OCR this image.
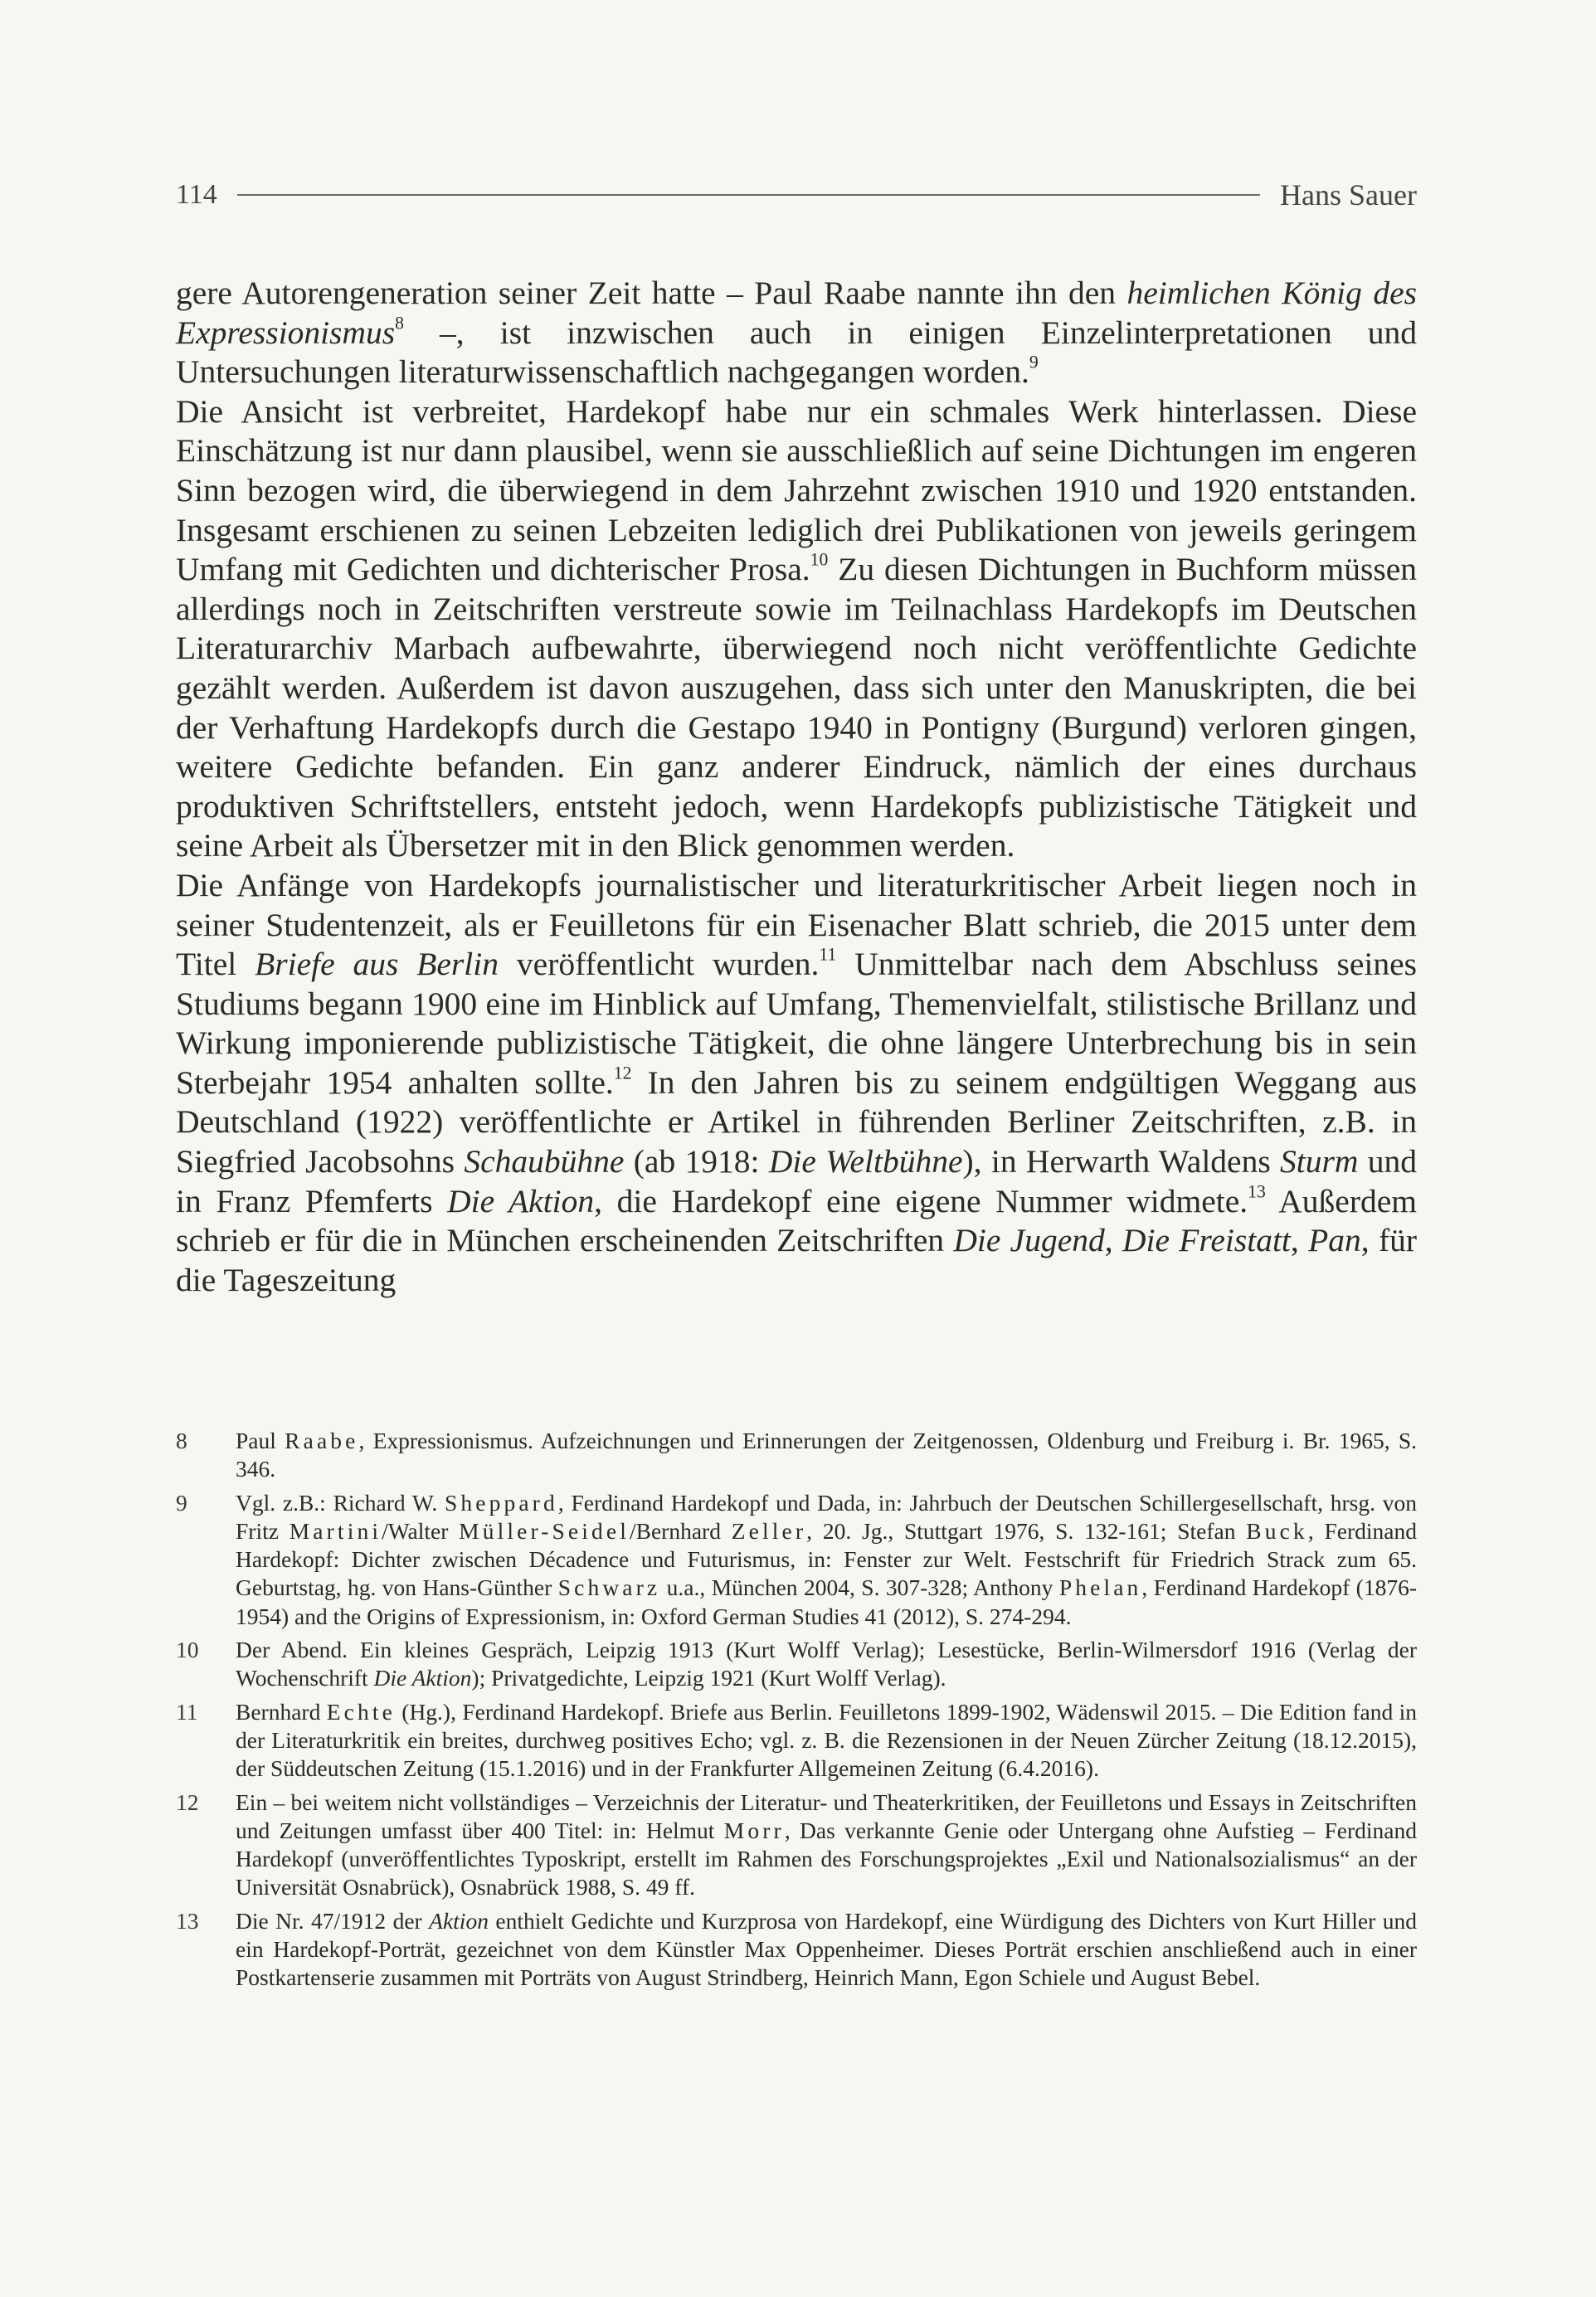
114	Hans Sauer

gere Autorengeneration seiner Zeit hatte – Paul Raabe nannte ihn den heimlichen König des Expressionismus$^8$ –, ist inzwischen auch in einigen Einzelinterpretationen und Untersuchungen literaturwissenschaftlich nachgegangen worden.$^9$

Die Ansicht ist verbreitet, Hardekopf habe nur ein schmales Werk hinterlassen. Diese Einschätzung ist nur dann plausibel, wenn sie ausschließlich auf seine Dichtungen im engeren Sinn bezogen wird, die überwiegend in dem Jahrzehnt zwischen 1910 und 1920 entstanden. Insgesamt erschienen zu seinen Lebzeiten lediglich drei Publikationen von jeweils geringem Umfang mit Gedichten und dichterischer Prosa.$^{10}$ Zu diesen Dichtungen in Buchform müssen allerdings noch in Zeitschriften verstreute sowie im Teilnachlass Hardekopfs im Deutschen Literaturarchiv Marbach aufbewahrte, überwiegend noch nicht veröffentlichte Gedichte gezählt werden. Außerdem ist davon auszugehen, dass sich unter den Manuskripten, die bei der Verhaftung Hardekopfs durch die Gestapo 1940 in Pontigny (Burgund) verloren gingen, weitere Gedichte befanden. Ein ganz anderer Eindruck, nämlich der eines durchaus produktiven Schriftstellers, entsteht jedoch, wenn Hardekopfs publizistische Tätigkeit und seine Arbeit als Übersetzer mit in den Blick genommen werden.

Die Anfänge von Hardekopfs journalistischer und literaturkritischer Arbeit liegen noch in seiner Studentenzeit, als er Feuilletons für ein Eisenacher Blatt schrieb, die 2015 unter dem Titel Briefe aus Berlin veröffentlicht wurden.$^{11}$ Unmittelbar nach dem Abschluss seines Studiums begann 1900 eine im Hinblick auf Umfang, Themenvielfalt, stilistische Brillanz und Wirkung imponierende publizistische Tätigkeit, die ohne längere Unterbrechung bis in sein Sterbejahr 1954 anhalten sollte.$^{12}$ In den Jahren bis zu seinem endgültigen Weggang aus Deutschland (1922) veröffentlichte er Artikel in führenden Berliner Zeitschriften, z.B. in Siegfried Jacobsohns Schaubühne (ab 1918: Die Weltbühne), in Herwarth Waldens Sturm und in Franz Pfemferts Die Aktion, die Hardekopf eine eigene Nummer widmete.$^{13}$ Außerdem schrieb er für die in München erscheinenden Zeitschriften Die Jugend, Die Freistatt, Pan, für die Tageszeitung

8	Paul Raabe, Expressionismus. Aufzeichnungen und Erinnerungen der Zeitgenossen, Oldenburg und Freiburg i. Br. 1965, S. 346.
9	Vgl. z.B.: Richard W. Sheppard, Ferdinand Hardekopf und Dada, in: Jahrbuch der Deutschen Schillergesellschaft, hrsg. von Fritz Martini/Walter Müller-Seidel/Bernhard Zeller, 20. Jg., Stuttgart 1976, S. 132-161; Stefan Buck, Ferdinand Hardekopf: Dichter zwischen Décadence und Futurismus, in: Fenster zur Welt. Festschrift für Friedrich Strack zum 65. Geburtstag, hg. von Hans-Günther Schwarz u.a., München 2004, S. 307-328; Anthony Phelan, Ferdinand Hardekopf (1876-1954) and the Origins of Expressionism, in: Oxford German Studies 41 (2012), S. 274-294.
10	Der Abend. Ein kleines Gespräch, Leipzig 1913 (Kurt Wolff Verlag); Lesestücke, Berlin-Wilmersdorf 1916 (Verlag der Wochenschrift Die Aktion); Privatgedichte, Leipzig 1921 (Kurt Wolff Verlag).
11	Bernhard Echte (Hg.), Ferdinand Hardekopf. Briefe aus Berlin. Feuilletons 1899-1902, Wädenswil 2015. – Die Edition fand in der Literaturkritik ein breites, durchweg positives Echo; vgl. z. B. die Rezensionen in der Neuen Zürcher Zeitung (18.12.2015), der Süddeutschen Zeitung (15.1.2016) und in der Frankfurter Allgemeinen Zeitung (6.4.2016).
12	Ein – bei weitem nicht vollständiges – Verzeichnis der Literatur- und Theaterkritiken, der Feuilletons und Essays in Zeitschriften und Zeitungen umfasst über 400 Titel: in: Helmut Morr, Das verkannte Genie oder Untergang ohne Aufstieg – Ferdinand Hardekopf (unveröffentlichtes Typoskript, erstellt im Rahmen des Forschungsprojektes „Exil und Nationalsozialismus“ an der Universität Osnabrück), Osnabrück 1988, S. 49 ff.
13	Die Nr. 47/1912 der Aktion enthielt Gedichte und Kurzprosa von Hardekopf, eine Würdigung des Dichters von Kurt Hiller und ein Hardekopf-Porträt, gezeichnet von dem Künstler Max Oppenheimer. Dieses Porträt erschien anschließend auch in einer Postkartenserie zusammen mit Porträts von August Strindberg, Heinrich Mann, Egon Schiele und August Bebel.
